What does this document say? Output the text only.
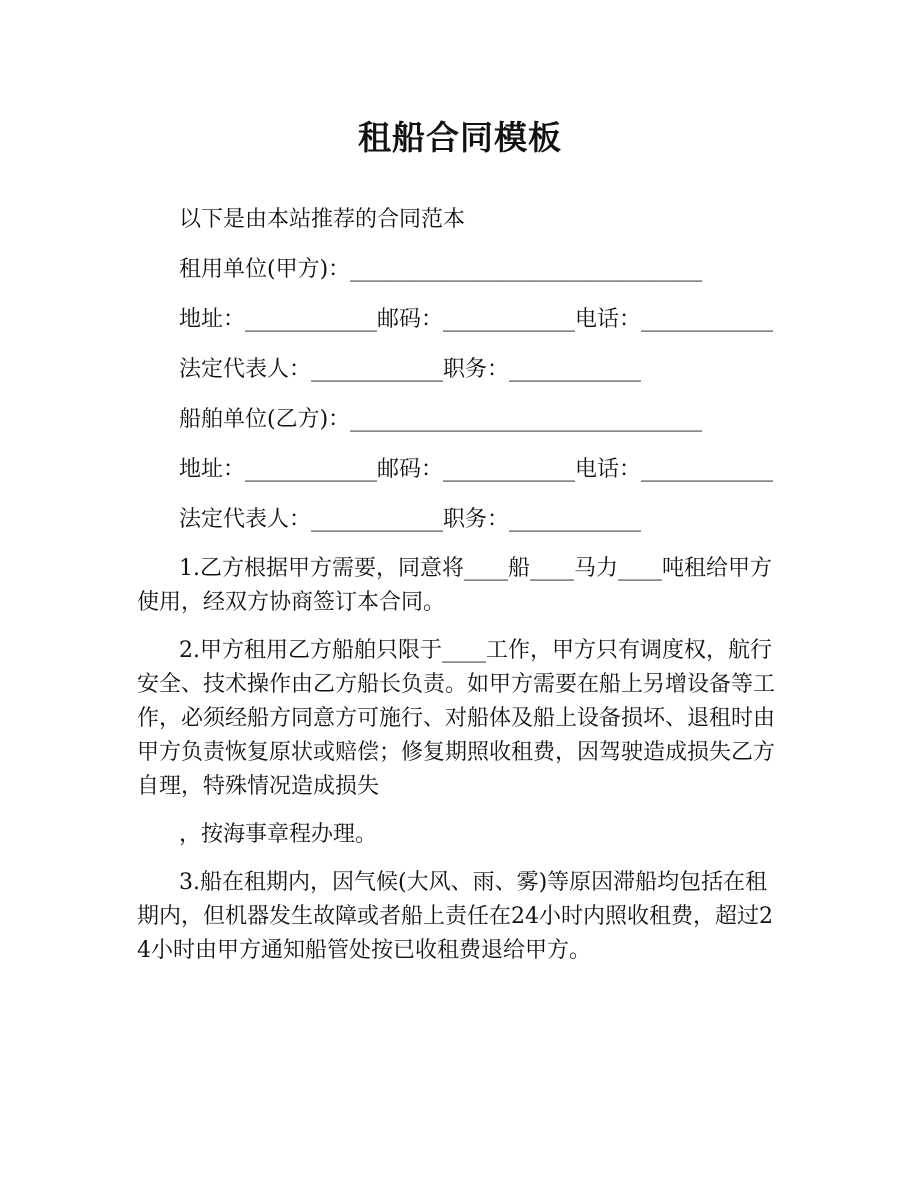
租船合同模板

以下是由本站推荐的合同范本

租用单位(甲方)：________________________________

地址：____________邮码：____________电话：____________

法定代表人：____________职务：____________

船舶单位(乙方)：________________________________

地址：____________邮码：____________电话：____________

法定代表人：____________职务：____________

1.乙方根据甲方需要，同意将____船____马力____吨租给甲方使用，经双方协商签订本合同。

2.甲方租用乙方船舶只限于____工作，甲方只有调度权，航行安全、技术操作由乙方船长负责。如甲方需要在船上另增设备等工作，必须经船方同意方可施行、对船体及船上设备损坏、退租时由甲方负责恢复原状或赔偿；修复期照收租费，因驾驶造成损失乙方自理，特殊情况造成损失

，按海事章程办理。

3.船在租期内，因气候(大风、雨、雾)等原因滞船均包括在租期内，但机器发生故障或者船上责任在24小时内照收租费，超过24小时由甲方通知船管处按已收租费退给甲方。
